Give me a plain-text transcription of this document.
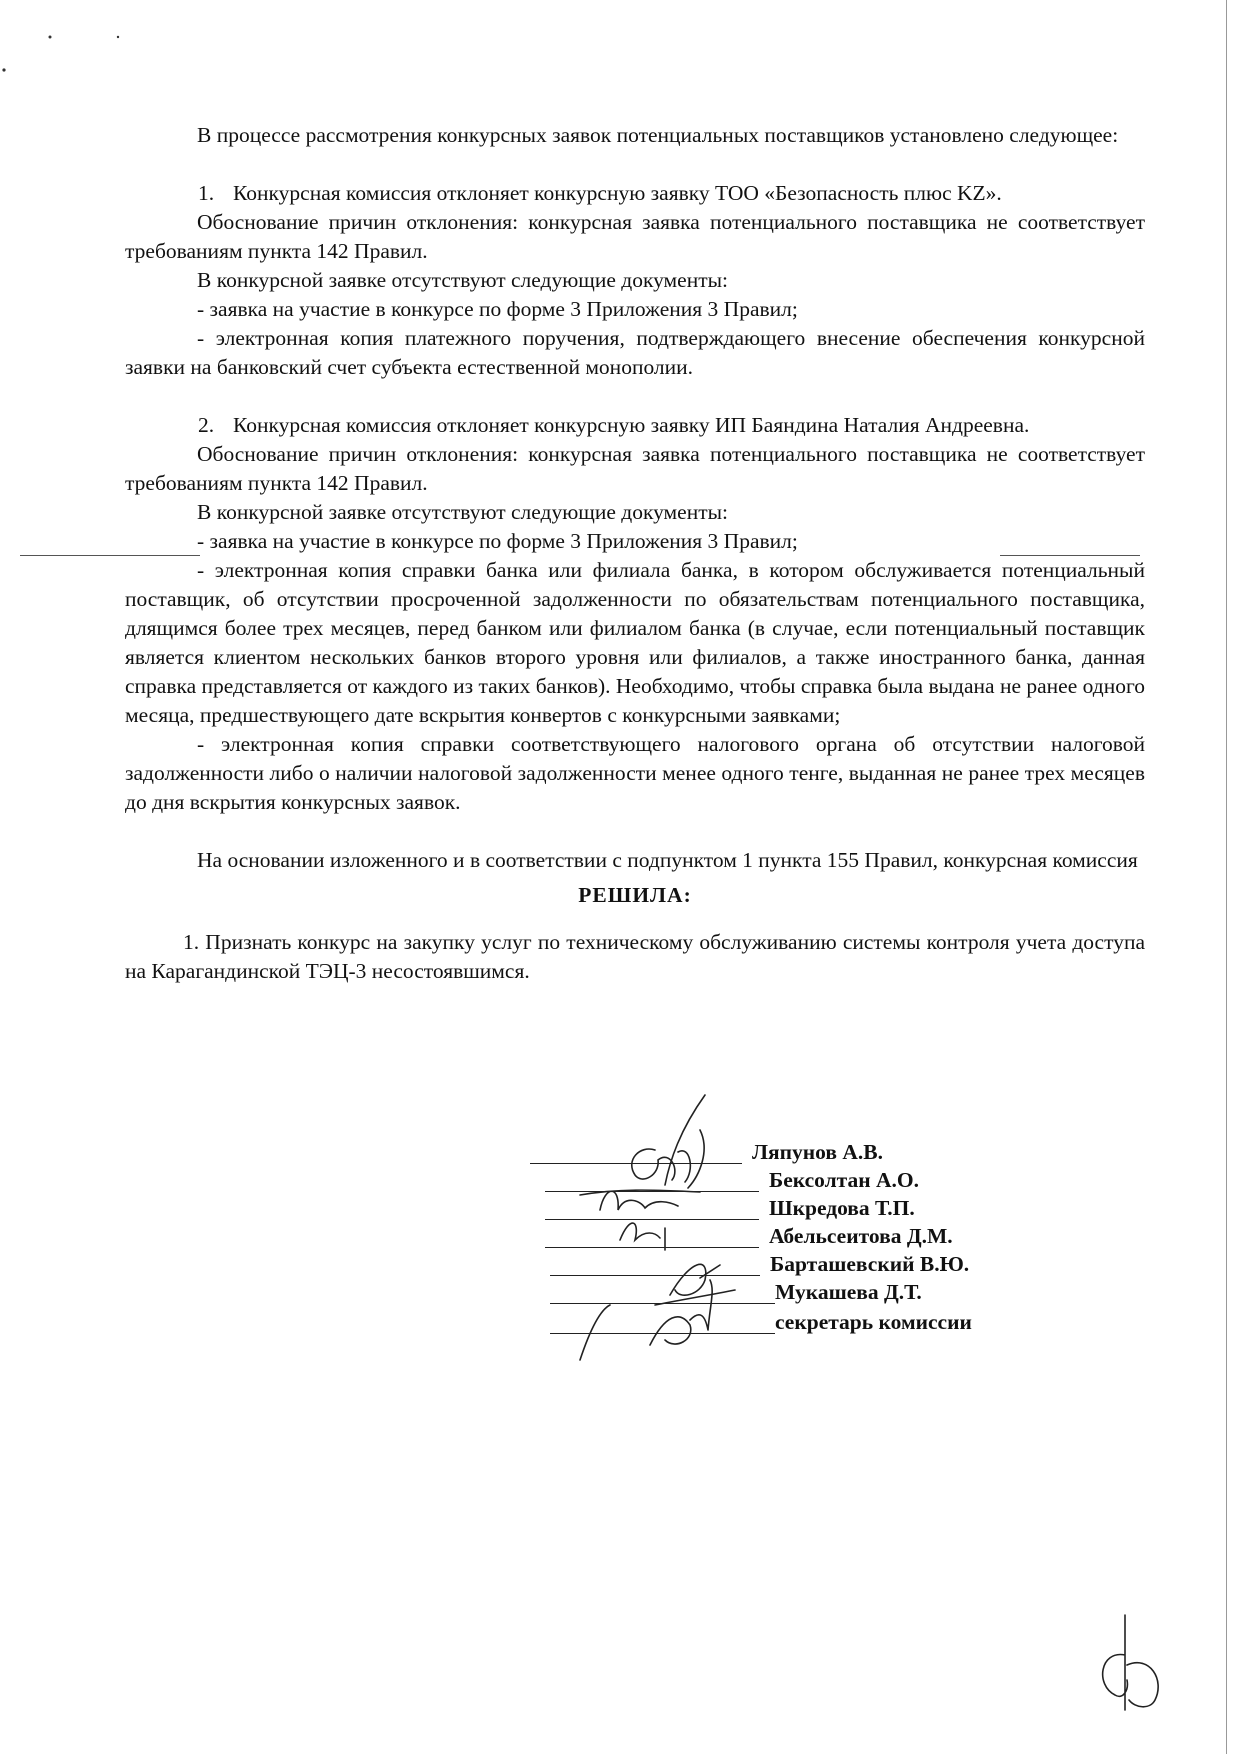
В процессе рассмотрения конкурсных заявок потенциальных поставщиков установлено следующее:

1. Конкурсная комиссия отклоняет конкурсную заявку ТОО «Безопасность плюс KZ».

Обоснование причин отклонения: конкурсная заявка потенциального поставщика не соответствует требованиям пункта 142 Правил.

В конкурсной заявке отсутствуют следующие документы:

- заявка на участие в конкурсе по форме 3 Приложения 3 Правил;

- электронная копия платежного поручения, подтверждающего внесение обеспечения конкурсной заявки на банковский счет субъекта естественной монополии.

2. Конкурсная комиссия отклоняет конкурсную заявку ИП Баяндина Наталия Андреевна.

Обоснование причин отклонения: конкурсная заявка потенциального поставщика не соответствует требованиям пункта 142 Правил.

В конкурсной заявке отсутствуют следующие документы:

- заявка на участие в конкурсе по форме 3 Приложения 3 Правил;

- электронная копия справки банка или филиала банка, в котором обслуживается потенциальный поставщик, об отсутствии просроченной задолженности по обязательствам потенциального поставщика, длящимся более трех месяцев, перед банком или филиалом банка (в случае, если потенциальный поставщик является клиентом нескольких банков второго уровня или филиалов, а также иностранного банка, данная справка представляется от каждого из таких банков). Необходимо, чтобы справка была выдана не ранее одного месяца, предшествующего дате вскрытия конвертов с конкурсными заявками;

- электронная копия справки соответствующего налогового органа об отсутствии налоговой задолженности либо о наличии налоговой задолженности менее одного тенге, выданная не ранее трех месяцев до дня вскрытия конкурсных заявок.

На основании изложенного и в соответствии с подпунктом 1 пункта 155 Правил, конкурсная комиссия

РЕШИЛА:

1. Признать конкурс на закупку услуг по техническому обслуживанию системы контроля учета доступа на Карагандинской ТЭЦ-3 несостоявшимся.

Ляпунов А.В.
Бексолтан А.О.
Шкредова Т.П.
Абельсеитова Д.М.
Барташевский В.Ю.
Мукашева Д.Т.
секретарь комиссии
